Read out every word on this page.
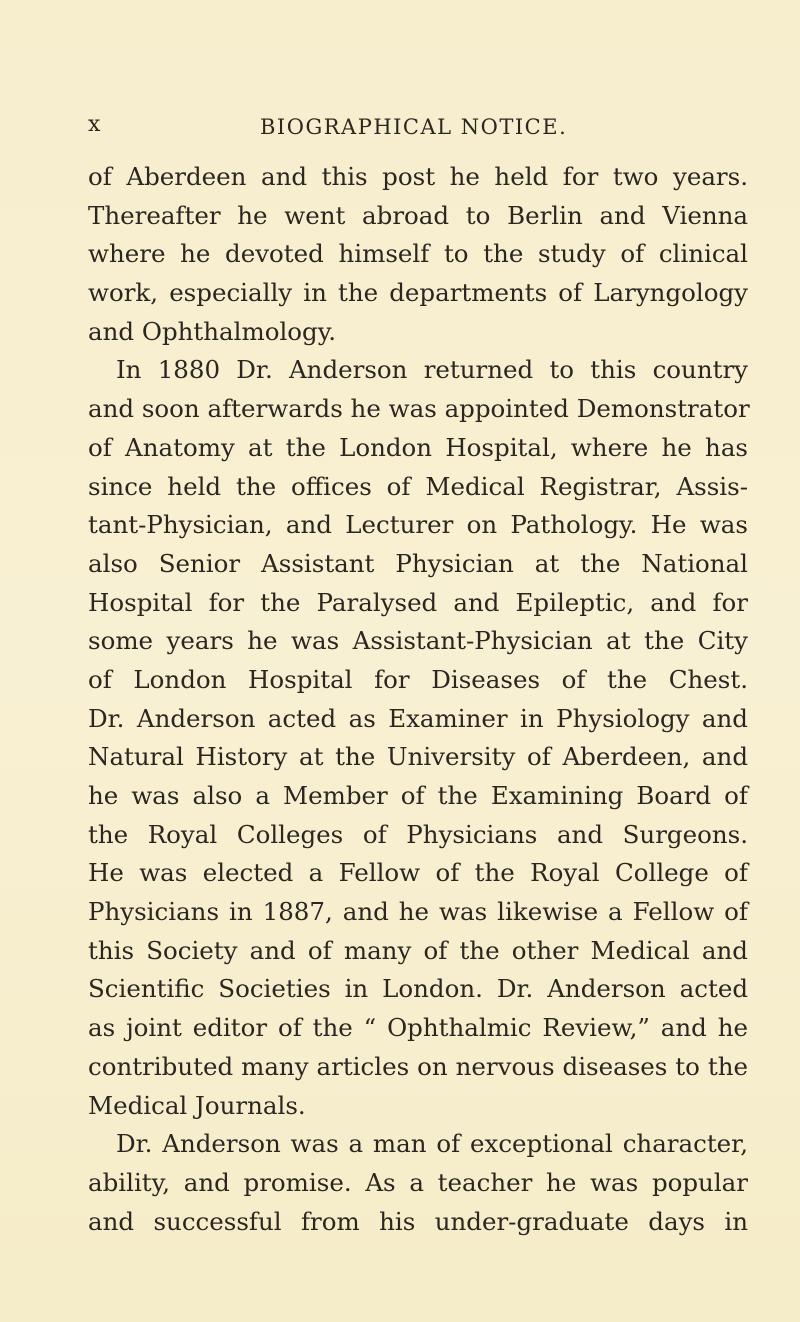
x	BIOGRAPHICAL NOTICE.
of Aberdeen and this post he held for two years.
Thereafter he went abroad to Berlin and Vienna
where he devoted himself to the study of clinical
work, especially in the departments of Laryngology
and Ophthalmology.
In 1880 Dr. Anderson returned to this country
and soon afterwards he was appointed Demonstrator
of Anatomy at the London Hospital, where he has
since held the offices of Medical Registrar, Assis-
tant-Physician, and Lecturer on Pathology. He was
also Senior Assistant Physician at the National
Hospital for the Paralysed and Epileptic, and for
some years he was Assistant-Physician at the City
of London Hospital for Diseases of the Chest.
Dr. Anderson acted as Examiner in Physiology and
Natural History at the University of Aberdeen, and
he was also a Member of the Examining Board of
the Royal Colleges of Physicians and Surgeons.
He was elected a Fellow of the Royal College of
Physicians in 1887, and he was likewise a Fellow of
this Society and of many of the other Medical and
Scientific Societies in London. Dr. Anderson acted
as joint editor of the “ Ophthalmic Review,” and he
contributed many articles on nervous diseases to the
Medical Journals.
Dr. Anderson was a man of exceptional character,
ability, and promise. As a teacher he was popular
and successful from his under-graduate days in
